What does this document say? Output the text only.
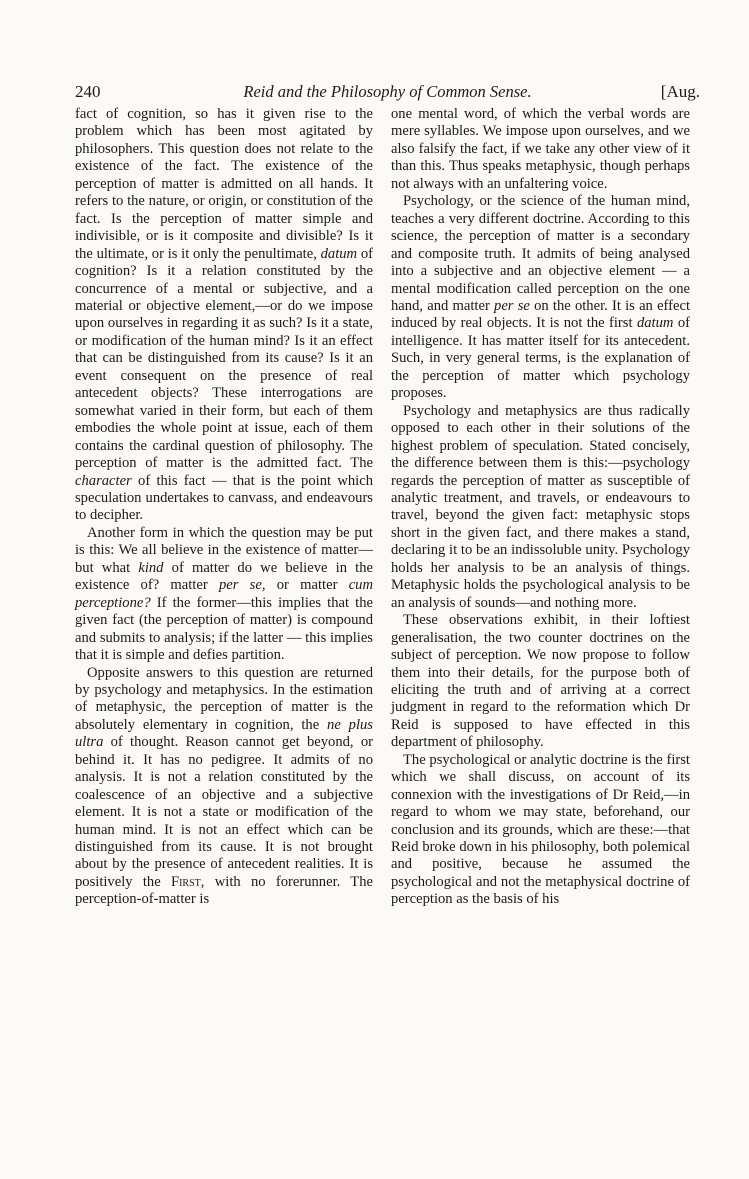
240	Reid and the Philosophy of Common Sense.	[Aug.

fact of cognition, so has it given rise to the problem which has been most agitated by philosophers. This question does not relate to the existence of the fact. The existence of the perception of matter is admitted on all hands. It refers to the nature, or origin, or constitution of the fact. Is the perception of matter simple and indivisible, or is it composite and divisible? Is it the ultimate, or is it only the penultimate, datum of cognition? Is it a relation constituted by the concurrence of a mental or subjective, and a material or objective element,—or do we impose upon ourselves in regarding it as such? Is it a state, or modification of the human mind? Is it an effect that can be distinguished from its cause? Is it an event consequent on the presence of real antecedent objects? These interrogations are somewhat varied in their form, but each of them embodies the whole point at issue, each of them contains the cardinal question of philosophy. The perception of matter is the admitted fact. The character of this fact — that is the point which speculation undertakes to canvass, and endeavours to decipher.

Another form in which the question may be put is this: We all believe in the existence of matter—but what kind of matter do we believe in the existence of? matter per se, or matter cum perceptione? If the former—this implies that the given fact (the perception of matter) is compound and submits to analysis; if the latter — this implies that it is simple and defies partition.

Opposite answers to this question are returned by psychology and metaphysics. In the estimation of metaphysic, the perception of matter is the absolutely elementary in cognition, the ne plus ultra of thought. Reason cannot get beyond, or behind it. It has no pedigree. It admits of no analysis. It is not a relation constituted by the coalescence of an objective and a subjective element. It is not a state or modification of the human mind. It is not an effect which can be distinguished from its cause. It is not brought about by the presence of antecedent realities. It is positively the First, with no forerunner. The perception-of-matter is

one mental word, of which the verbal words are mere syllables. We impose upon ourselves, and we also falsify the fact, if we take any other view of it than this. Thus speaks metaphysic, though perhaps not always with an unfaltering voice.

Psychology, or the science of the human mind, teaches a very different doctrine. According to this science, the perception of matter is a secondary and composite truth. It admits of being analysed into a subjective and an objective element — a mental modification called perception on the one hand, and matter per se on the other. It is an effect induced by real objects. It is not the first datum of intelligence. It has matter itself for its antecedent. Such, in very general terms, is the explanation of the perception of matter which psychology proposes.

Psychology and metaphysics are thus radically opposed to each other in their solutions of the highest problem of speculation. Stated concisely, the difference between them is this:—psychology regards the perception of matter as susceptible of analytic treatment, and travels, or endeavours to travel, beyond the given fact: metaphysic stops short in the given fact, and there makes a stand, declaring it to be an indissoluble unity. Psychology holds her analysis to be an analysis of things. Metaphysic holds the psychological analysis to be an analysis of sounds—and nothing more.

These observations exhibit, in their loftiest generalisation, the two counter doctrines on the subject of perception. We now propose to follow them into their details, for the purpose both of eliciting the truth and of arriving at a correct judgment in regard to the reformation which Dr Reid is supposed to have effected in this department of philosophy.

The psychological or analytic doctrine is the first which we shall discuss, on account of its connexion with the investigations of Dr Reid,—in regard to whom we may state, beforehand, our conclusion and its grounds, which are these:—that Reid broke down in his philosophy, both polemical and positive, because he assumed the psychological and not the metaphysical doctrine of perception as the basis of his
